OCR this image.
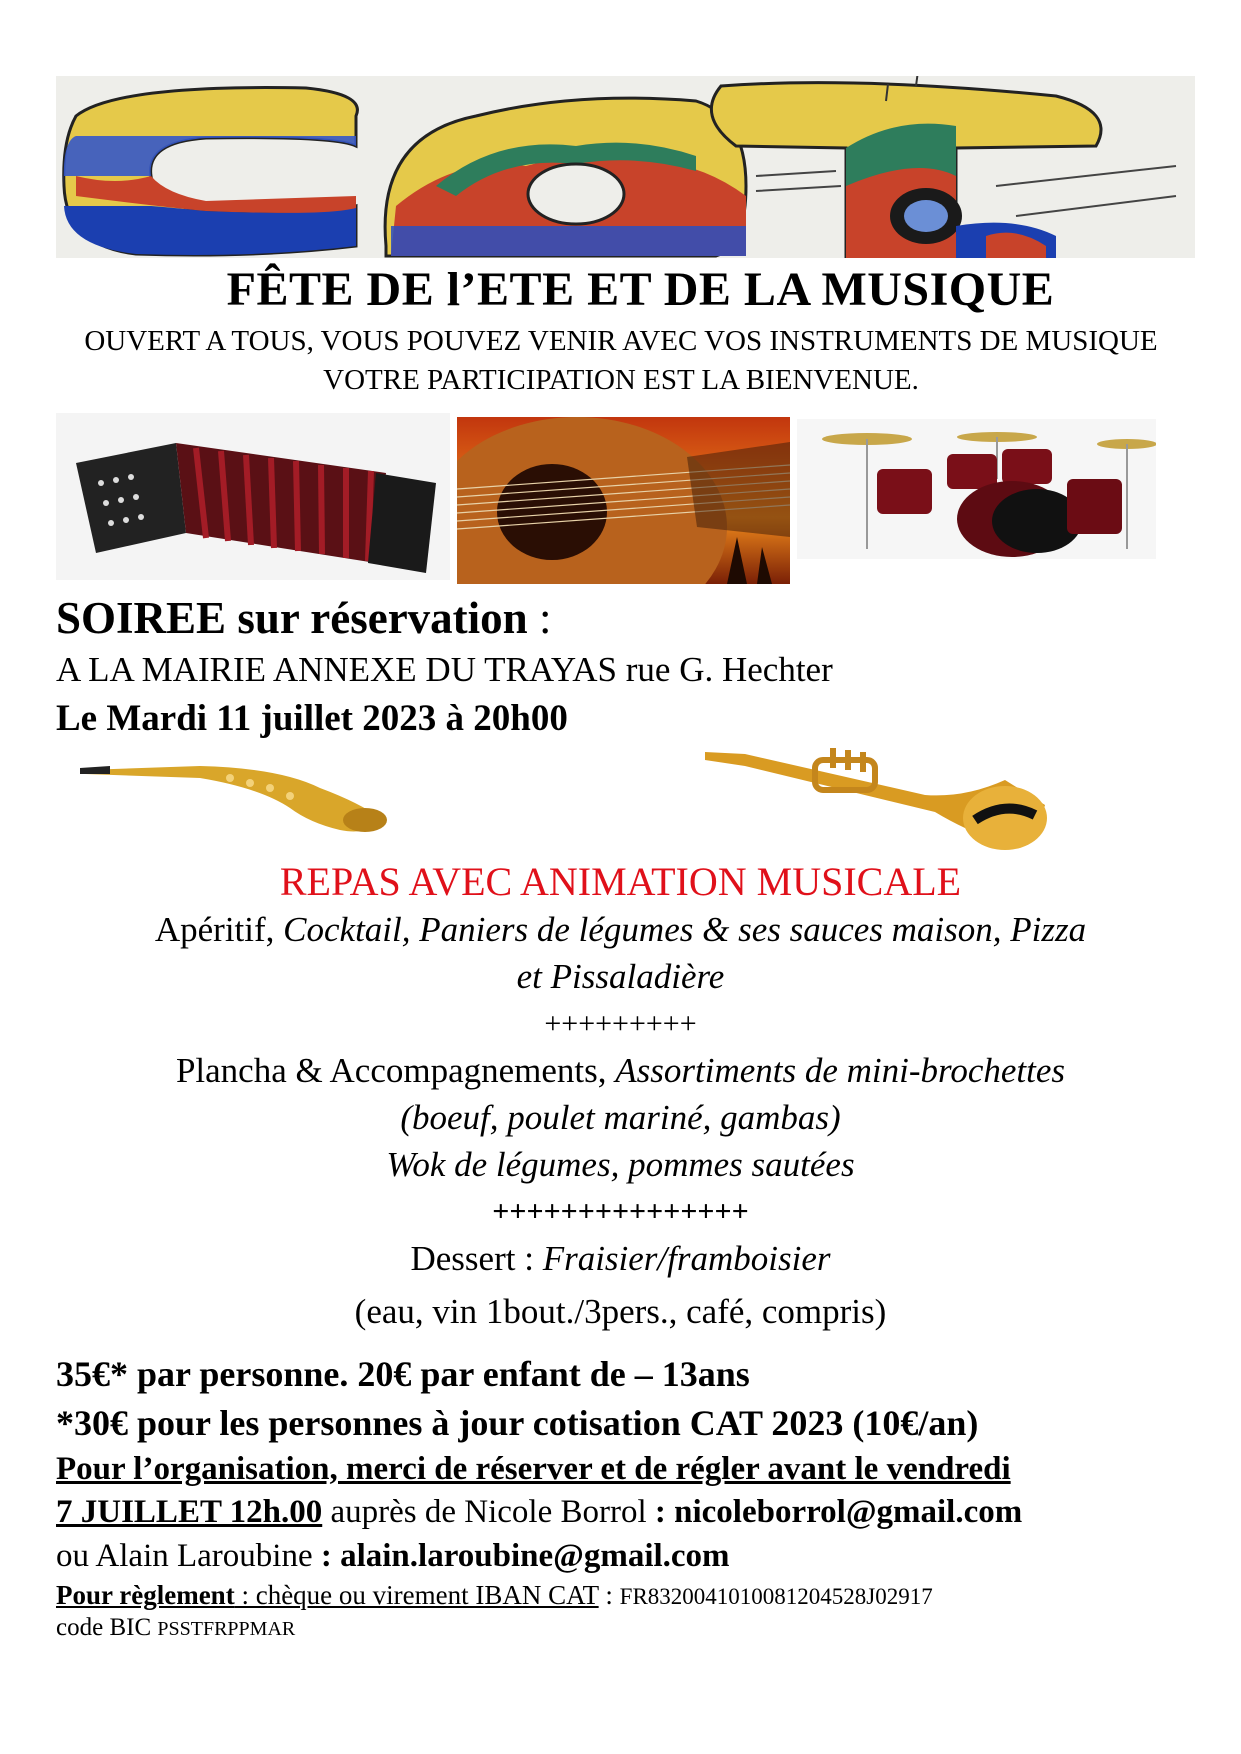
FÊTE DE l’ETE ET DE LA MUSIQUE
OUVERT A TOUS, VOUS POUVEZ VENIR AVEC VOS INSTRUMENTS DE MUSIQUE VOTRE PARTICIPATION EST LA BIENVENUE.
SOIREE sur réservation :
A LA MAIRIE ANNEXE DU TRAYAS rue G. Hechter
Le Mardi 11 juillet 2023 à 20h00
REPAS AVEC ANIMATION MUSICALE
Apéritif, Cocktail, Paniers de légumes & ses sauces maison, Pizza
et Pissaladière
+++++++++
Plancha & Accompagnements, Assortiments de mini-brochettes
(boeuf, poulet mariné, gambas)
Wok de légumes, pommes sautées
+++++++++++++++
Dessert : Fraisier/framboisier
(eau, vin 1bout./3pers., café, compris)
35€* par personne. 20€ par enfant de – 13ans
*30€ pour les personnes à jour cotisation CAT 2023 (10€/an)
Pour l’organisation, merci de réserver et de régler avant le vendredi
7 JUILLET 12h.00 auprès de Nicole Borrol : nicoleborrol@gmail.com
ou Alain Laroubine : alain.laroubine@gmail.com
Pour règlement : chèque ou virement IBAN CAT : FR8320041010081204528J02917
code BIC PSSTFRPPMAR
